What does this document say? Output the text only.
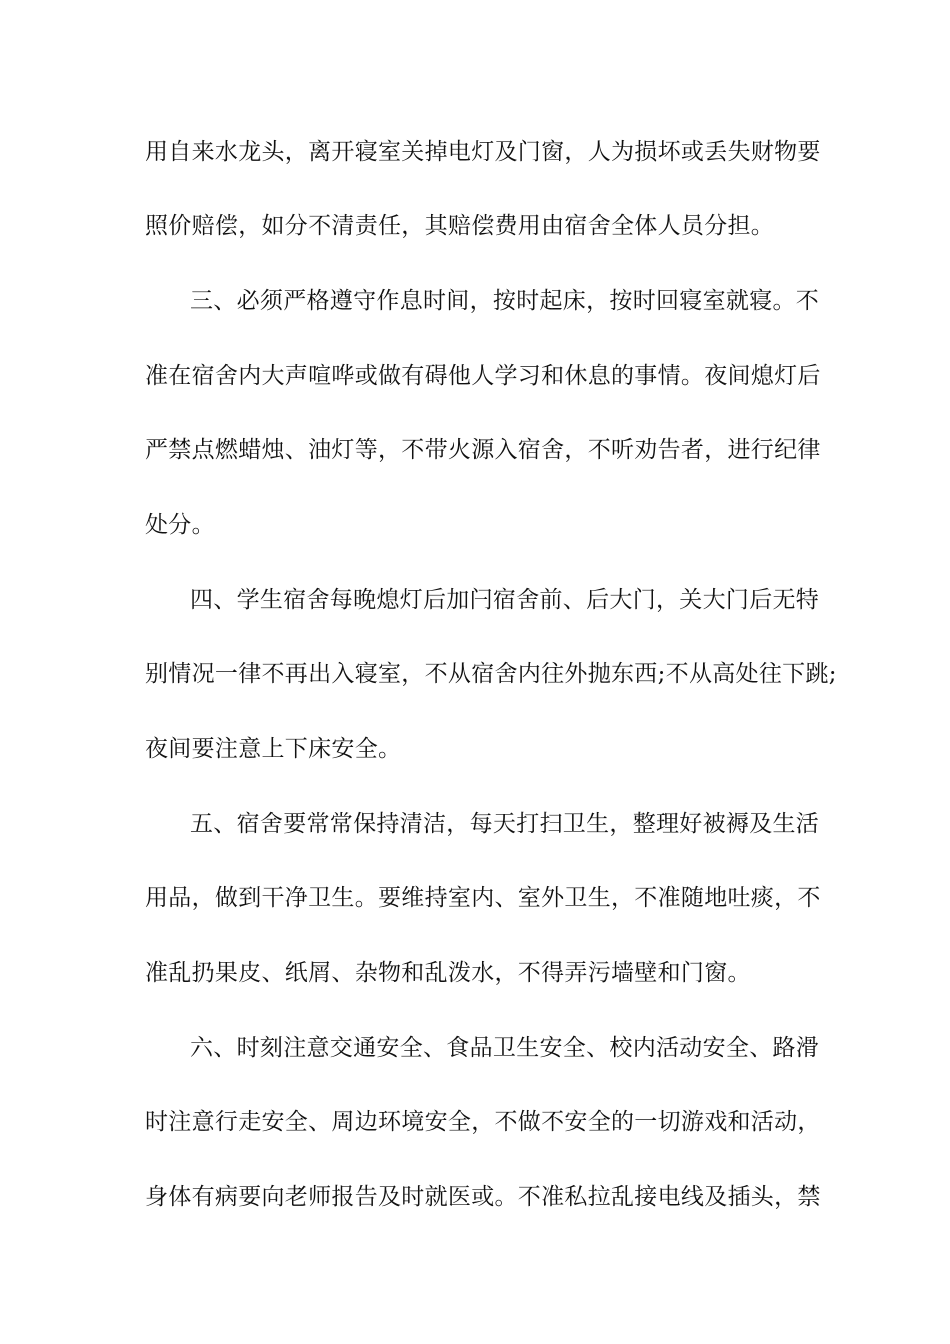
用自来水龙头，离开寝室关掉电灯及门窗，人为损坏或丢失财物要
照价赔偿，如分不清责任，其赔偿费用由宿舍全体人员分担。
三、必须严格遵守作息时间，按时起床，按时回寝室就寝。不
准在宿舍内大声喧哗或做有碍他人学习和休息的事情。夜间熄灯后
严禁点燃蜡烛、油灯等，不带火源入宿舍，不听劝告者，进行纪律
处分。
四、学生宿舍每晚熄灯后加闩宿舍前、后大门，关大门后无特
别情况一律不再出入寝室，不从宿舍内往外抛东西;不从高处往下跳;
夜间要注意上下床安全。
五、宿舍要常常保持清洁，每天打扫卫生，整理好被褥及生活
用品，做到干净卫生。要维持室内、室外卫生，不准随地吐痰，不
准乱扔果皮、纸屑、杂物和乱泼水，不得弄污墙壁和门窗。
六、时刻注意交通安全、食品卫生安全、校内活动安全、路滑
时注意行走安全、周边环境安全，不做不安全的一切游戏和活动，
身体有病要向老师报告及时就医或。不准私拉乱接电线及插头，禁
